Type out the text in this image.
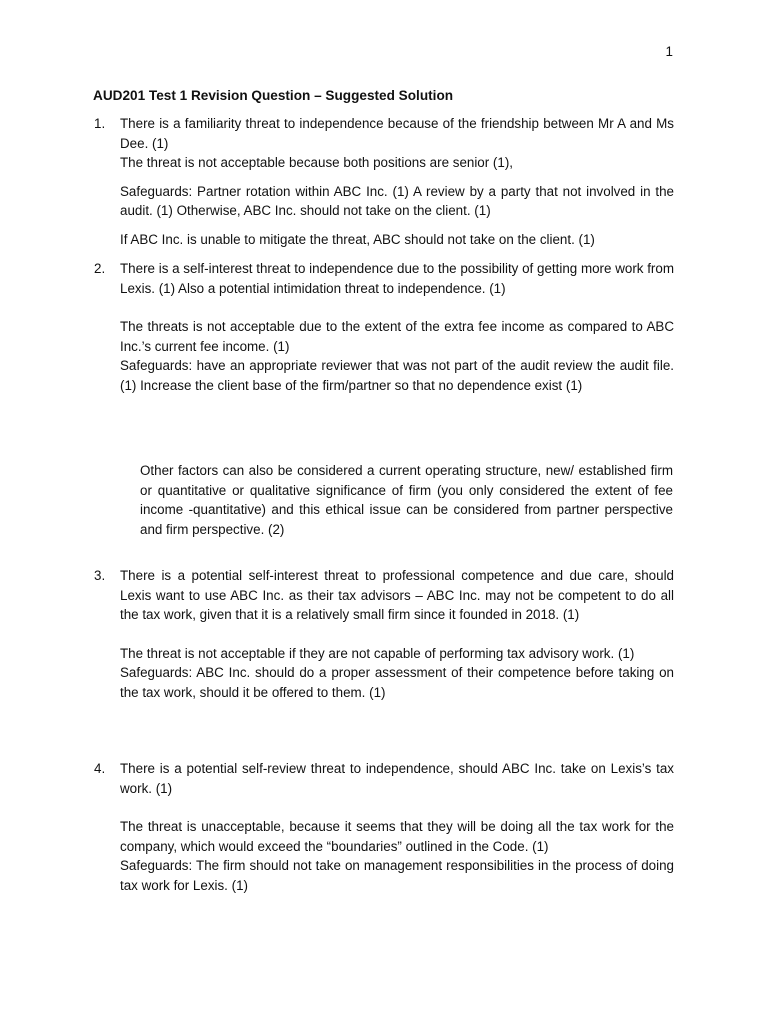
1
AUD201 Test 1 Revision Question – Suggested Solution
1.	There is a familiarity threat to independence because of the friendship between Mr A and Ms Dee. (1)

The threat is not acceptable because both positions are senior (1),

Safeguards: Partner rotation within ABC Inc. (1) A review by a party that not involved in the audit. (1) Otherwise, ABC Inc. should not take on the client. (1)

If ABC Inc. is unable to mitigate the threat, ABC should not take on the client. (1)

2.	There is a self-interest threat to independence due to the possibility of getting more work from Lexis. (1) Also a potential intimidation threat to independence. (1)

The threats is not acceptable due to the extent of the extra fee income as compared to ABC Inc.’s current fee income. (1)

Safeguards: have an appropriate reviewer that was not part of the audit review the audit file. (1) Increase the client base of the firm/partner so that no dependence exist (1)

Other factors can also be considered a current operating structure, new/ established firm or quantitative or qualitative significance of firm (you only considered the extent of fee income -quantitative) and this ethical issue can be considered from partner perspective and firm perspective. (2)

3.	There is a potential self-interest threat to professional competence and due care, should Lexis want to use ABC Inc. as their tax advisors – ABC Inc. may not be competent to do all the tax work, given that it is a relatively small firm since it founded in 2018. (1)

The threat is not acceptable if they are not capable of performing tax advisory work. (1)

Safeguards: ABC Inc. should do a proper assessment of their competence before taking on the tax work, should it be offered to them. (1)

4.	There is a potential self-review threat to independence, should ABC Inc. take on Lexis’s tax work. (1)

The threat is unacceptable, because it seems that they will be doing all the tax work for the company, which would exceed the “boundaries” outlined in the Code. (1)

Safeguards: The firm should not take on management responsibilities in the process of doing tax work for Lexis. (1)
